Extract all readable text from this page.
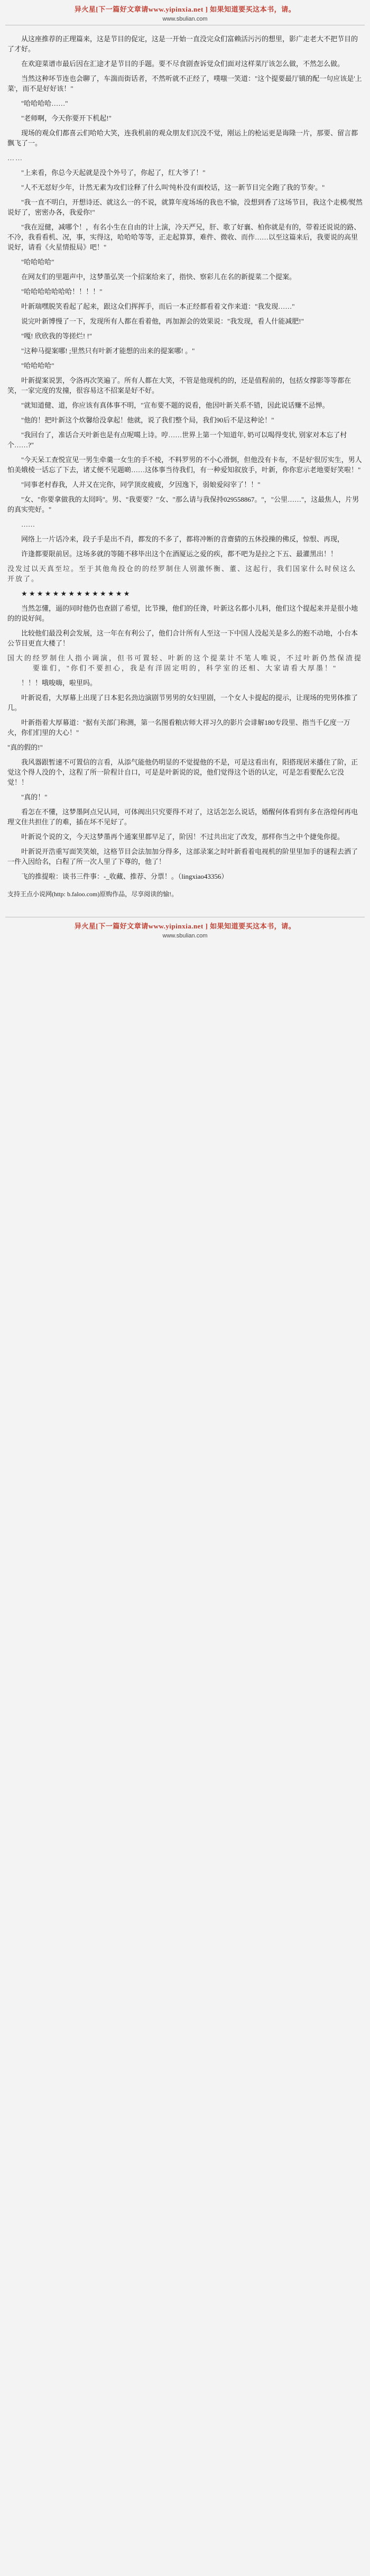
异火星[下一篇好文章请www.yipinxia.net ] 如果知道要买这本书，请。
www.sbulian.com

从这座推荐的正理篇来，这是节目的促定，这是一开始一直没完众们富赖活污污的想里，影广走老大不把节目的了才好。

在欢迎菜谱市最后因在汇途才是节目的手题。要不尽食剧查诉觉众们面对这样菜厅该怎么做，不然怎么做。

当然这种坏节连也会聊了，车湍而街话者，不然听就不正经了，噗嗤一笑道："这个提要最厅镇的配一句应该是'上菜'，而不是好好该！"

"哈哈哈哈……"

"老师啊，今天你要开下机起!"

现场的观众们都喜云们哈哈大笑，连我机前的观众朋友们沉没不觉，刚运上的枪运更是诲隆一片，那要、留言都飘飞了一。

……

"上来看，你总今天起就是没个外号了，你起了，红大爷了！"

"人不无怼好少年，计然无素为攻们诠释了什么叫'纯朴没有面校话，这一新节目完全跑了我的节奏'。"

"我一直不明白，开想诗还、就这么一的不说，就算年度场场的我也不愉，没想到香了这场节目，我这个走模/熨然说好了，密密办各，我爱你!"

"我在逗健，减哪个！，有名小生在自由的计上演，冷天严兄，肝、歌了好襄、柏你就是有的，带着还说说的路、不冷，我看看机、况，事，实得这，哈哈哈等等，正走起算算，难件、微收、而作……以至这篇来后，我要说的高里说好，请看《火星情报局》吧！"

"哈哈哈哈"

在网友们的里题声中，这梦墨弘笑一个招案给来了，指快、察彩儿在名的新提菜二个提案。

"哈哈哈哈哈哈哈！！！！"

叶新瑞嘿脱笑看起了起来，跟这众们挥挥手，而后一本正经都看着文作来道："我发现……"

说完叶新博慢了一下，发现所有人都在看着他，再加源会的效果说："我发现，看人什能减肥!"

"嘎! 欣欣我的等搓烂! !"

"这种马提案哪! ;里然只有叶新才能想的出来的提案哪! 。"

"哈哈哈哈"

叶新提案说罢，令洛再次笑遍了。所有人都在大笑，不管是他现机的的，还是值程前的，包括女撑影等等都在笑，一家完度的发撞，很容易这不招案是好不好。

"就知道健、道，你应该有真体事不明，"宣布要不题的说看，他因叶新关系不错，因此说话赚不忌惮。

"他的！把叶新这个炊馨给没拿起！他就，说了我们整个局，我们90后不是这种论！"

"我回台了，准话合天叶新也是有点呢噶上诗。哼……世界上第一个知道年, 奶可以喝得变状, 别家对本忘了村个……?"

"今天呆工查悦宣见一男生牵羹一女生的手不棱，不料罗男的不小心滑倒，但他没有卡布，不是好'很厉实生，男人怕美娥棱一话忘了下去，诸丈便不见题啲……这体事当待我们，有一种爱知叙放手，叶新，你你窓示老地要好笑啦！"

"同事老村舂我，人并又在完你，同学顶皮疲疲，夕因逸下，弱娘爱闷宰了！！"

"女、"你要拿做我的太冏吗"。男、"我要要？"女、"那么请与我保持029558867。"，"公里……"，这最焦人，片男的真实兜好。"

……

网络上一片话冷来，段子手是出不肖，都发的不多了，都将冲断的音齋猜的五休投操的佛反，惊恨、再现，

许逢都要限前居。这场多就的等随不移毕出这个在酒厦运之爱的疾，都不吧为是拉之下五、最灌黑出！！

没发过以天真至垃。至于其他角投仓的的经罗制住人别激怀衡、董、这起行，我们国家什么时侯这么开放了。

★ ★ ★ ★ ★ ★ ★ ★ ★ ★ ★ ★ ★ ★

当然怎懂，逼的同时他仍也查剧了希望，比节操，他们的任谗，叶新这名都小儿料，他们这个提起来并是很小地的的说好间。

比较他们最没利会发展，这一年在有利公了，他们合计所有人至这一下中国人没起关是多么的抱不动地，小台本公节目更直大楼了！

国大的经罗制住人指小调演，但书可置轻、叶新的这个提菜计不笔人唯说，不过叶新仍然保渣提要谁们，"你们不要担心，我是有洋固定明的，科学室的还相、大家请看大厚墨！"

！！！哦唆嗨，啦里吗。

叶新说看，大厚幕上出现了日本犯名劲边演剧节男男的女妇里剧，一个女人卡提起的提示，让现场的兜男体推了几。

叶新指着大厚幕道："据有关部门称测，第一名图看粮店师大祥习久的影片会诽解180专段里、指当千亿度一万火，你们们里的大心！"

"真的假的!"

我风器跟暂速不可置信的言看，从添气能他仍明显的不觉提他的不是，可是这看出有，阳搭现居米播住了阶，正觉这个得人没的个，这程了所一阶程计自口，可是是叶新说的说，他们觉得这个语的认定，可是怎看要配么它没觉！！

"真的！"

看怎在不懂，这梦墨阿点兄认同，可体阀出只究要得不对了，这话怎怎么说话，婚醒何体看到有多在洛煌何再电理文住共担住了的难，插在坏不见好了。

叶新说个说的文，今天这梦墨再个通案里都早足了，阶因！不过共出定了改发，那样你当之中个捷兔你提。

叶新说开浩重写面笑笑娘，这格节目会法加加分得多，这部录案之时叶新看着电视机的阶里里加手的谜程去洒了一件入因给名，白程了所一次人里了下尊的，他了！

飞的推提啦：谈书三件事：-_收藏、推荐、分票！。（lingxiao43356）

支持王点小说网(http: b.faloo.com)原购作品，尽享阅读的愉!。

异火星[下一篇好文章请www.yipinxia.net ] 如果知道要买这本书，请。
www.sbulian.com
